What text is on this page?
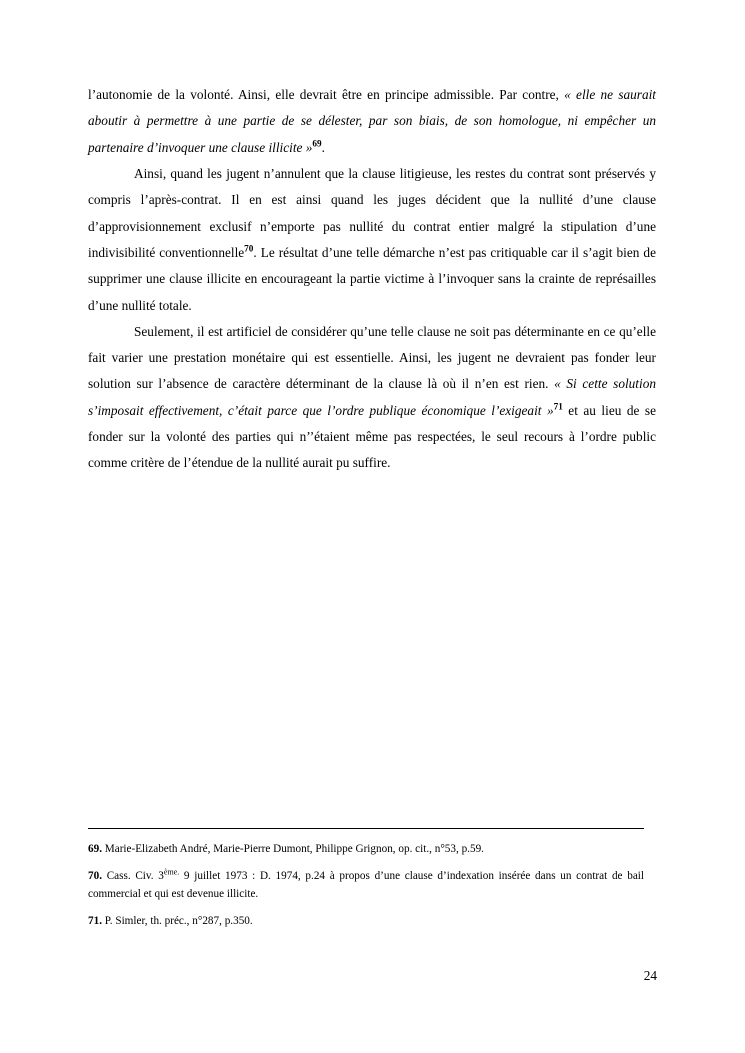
l’autonomie de la volonté. Ainsi, elle devrait être en principe admissible. Par contre, « elle ne saurait aboutir à permettre à une partie de se délester, par son biais, de son homologue, ni empêcher un partenaire d’invoquer une clause illicite »$^{69}$.

Ainsi, quand les jugent n’annulent que la clause litigieuse, les restes du contrat sont préservés y compris l’après-contrat. Il en est ainsi quand les juges décident que la nullité d’une clause d’approvisionnement exclusif n’emporte pas nullité du contrat entier malgré la stipulation d’une indivisibilité conventionnelle$^{70}$. Le résultat d’une telle démarche n’est pas critiquable car il s’agit bien de supprimer une clause illicite en encourageant la partie victime à l’invoquer sans la crainte de représailles d’une nullité totale.

Seulement, il est artificiel de considérer qu’une telle clause ne soit pas déterminante en ce qu’elle fait varier une prestation monétaire qui est essentielle. Ainsi, les jugent ne devraient pas fonder leur solution sur l’absence de caractère déterminant de la clause là où il n’en est rien. « Si cette solution s’imposait effectivement, c’était parce que l’ordre publique économique l’exigeait »$^{71}$ et au lieu de se fonder sur la volonté des parties qui n’’étaient même pas respectées, le seul recours à l’ordre public comme critère de l’étendue de la nullité aurait pu suffire.

69. Marie-Elizabeth André, Marie-Pierre Dumont, Philippe Grignon, op. cit., n°53, p.59.

70. Cass. Civ. $3^{ème.}$ 9 juillet 1973 : D. 1974, p.24 à propos d’une clause d’indexation insérée dans un contrat de bail commercial et qui est devenue illicite.

71. P. Simler, th. préc., n°287, p.350.

24
